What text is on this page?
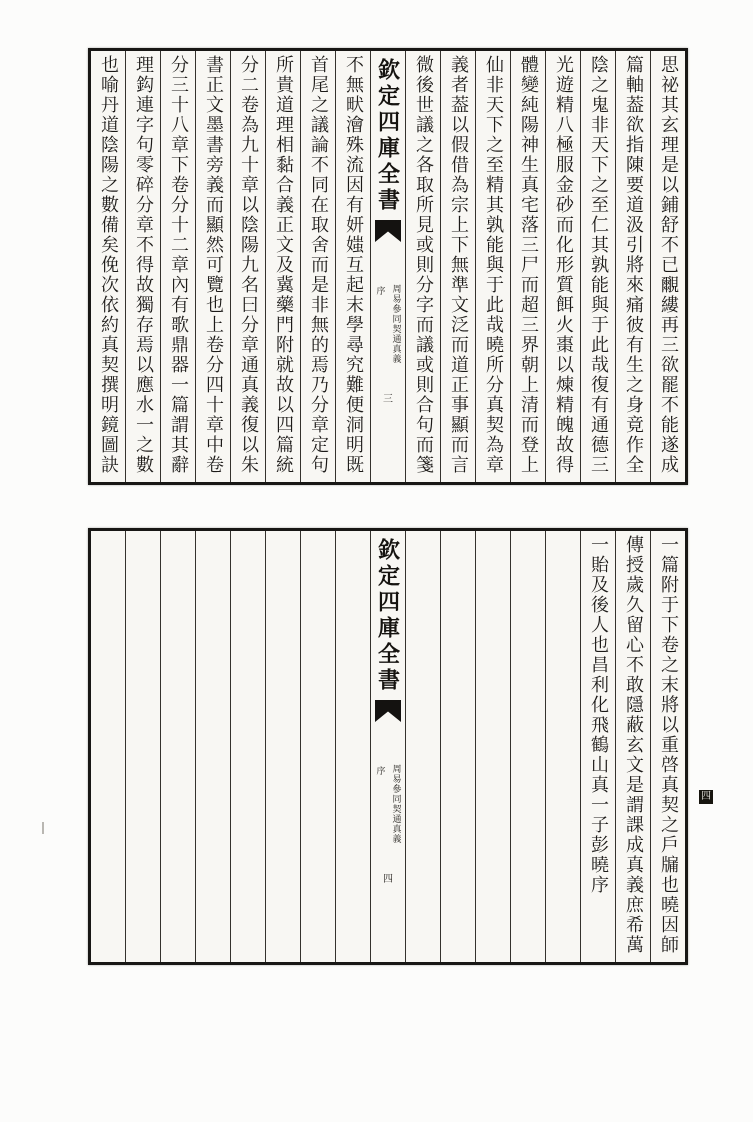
思祕其玄理是以鋪舒不已覼縷再三欲罷不能遂成
篇軸葢欲指陳要道汲引將來痛彼有生之身竟作全
陰之鬼非天下之至仁其孰能與于此哉復有通德三
光遊精八極服金砂而化形質餌火棗以煉精魄故得
體變純陽神生真宅落三尸而超三界朝上清而登上
仙非天下之至精其孰能與于此哉曉所分真契為章
義者葢以假借為宗上下無準文泛而道正事顯而言
微後世議之各取所見或則分字而議或則合句而箋
欽定四庫全書
序 周易參同契通真義
三
不無畎澮殊流因有妍媸互起末學尋究難便洞明既
首尾之議論不同在取舍而是非無的焉乃分章定句
所貴道理相黏合義正文及冀藥門附就故以四篇統
分二卷為九十章以陰陽九名曰分章通真義復以朱
書正文墨書旁義而顯然可覽也上卷分四十章中卷
分三十八章下卷分十二章內有歌鼎器一篇謂其辭
理鈎連字句零碎分章不得故獨存焉以應水一之數
也喻丹道陰陽之數備矣俛次依約真契撰明鏡圖訣
一篇附于下卷之末將以重啓真契之戶牖也曉因師
傳授歲久留心不敢隱蔽玄文是謂課成真義庶希萬
一貽及後人也昌利化飛鶴山真一子彭曉序
欽定四庫全書
序 周易參同契通真義
四
四
